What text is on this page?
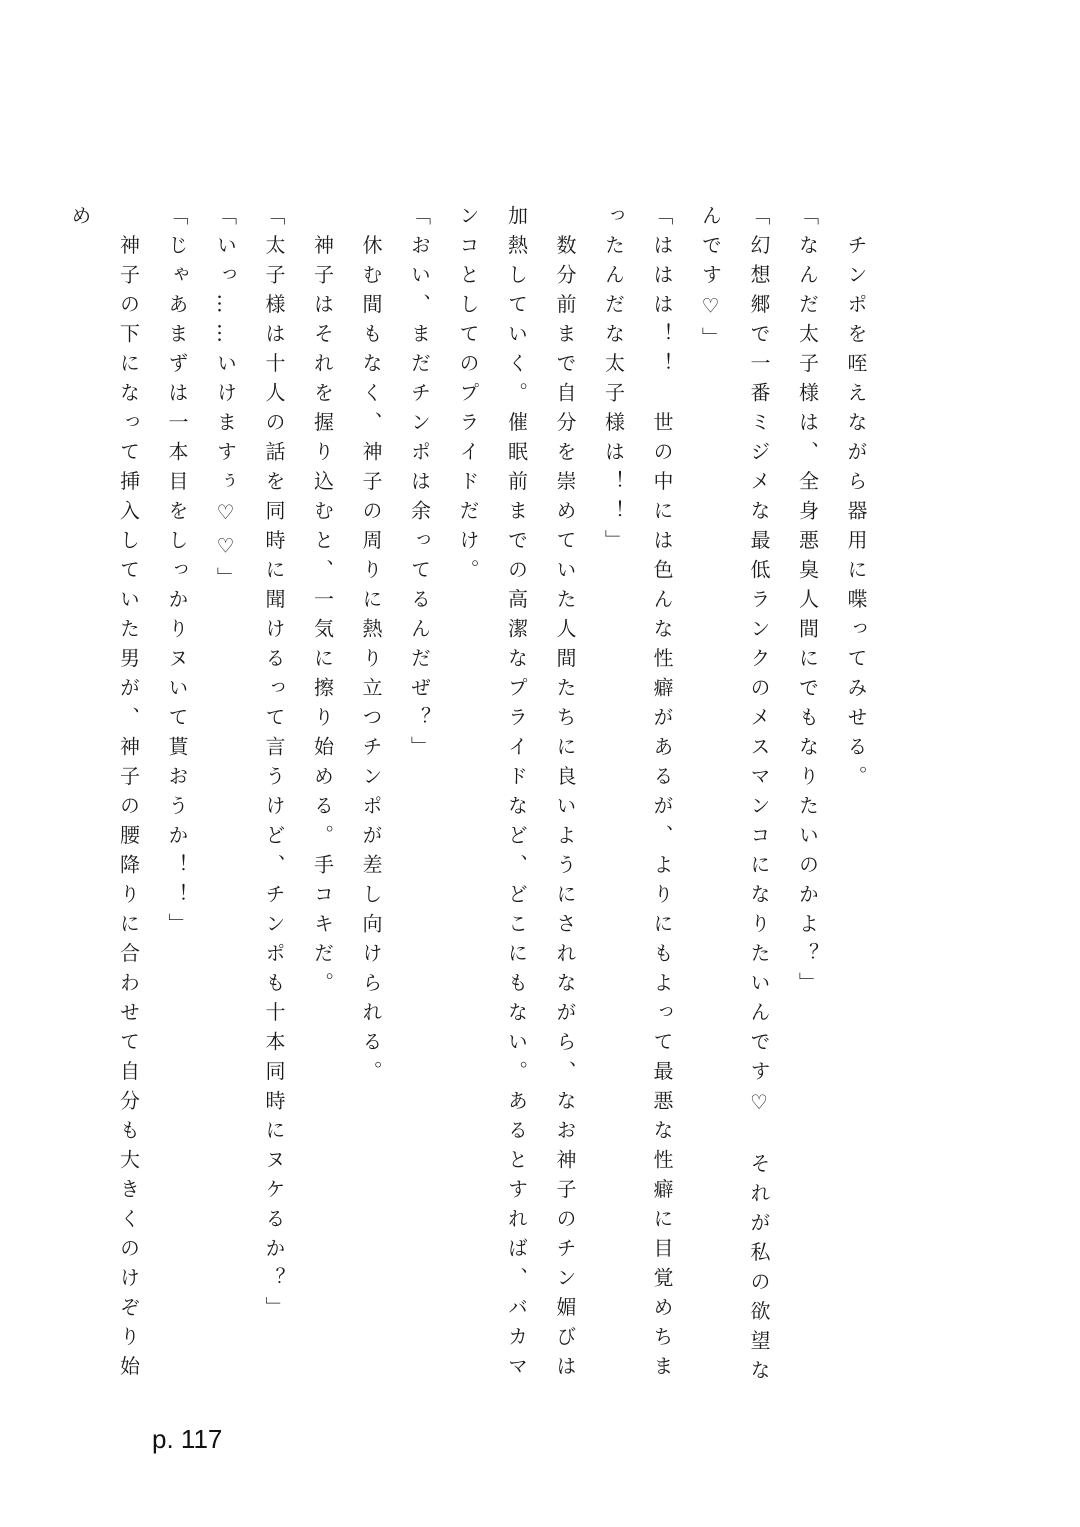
　チンポを咥えながら器用に喋ってみせる。

「なんだ太子様は、全身悪臭人間にでもなりたいのかよ？」

「幻想郷で一番ミジメな最低ランクのメスマンコになりたいんです♡　それが私の欲望なんです♡」

「ははは！！　世の中には色んな性癖があるが、よりにもよって最悪な性癖に目覚めちまったんだな太子様は！！」

　数分前まで自分を崇めていた人間たちに良いようにされながら、なお神子のチン媚びは加熱していく。催眠前までの高潔なプライドなど、どこにもない。あるとすれば、バカマンコとしてのプライドだけ。

「おい、まだチンポは余ってるんだぜ？」

　休む間もなく、神子の周りに熱り立つチンポが差し向けられる。

　神子はそれを握り込むと、一気に擦り始める。手コキだ。

「太子様は十人の話を同時に聞けるって言うけど、チンポも十本同時にヌケるか？」

「いっ……いけますぅ♡♡」

「じゃあまずは一本目をしっかりヌいて貰おうか！！」

　神子の下になって挿入していた男が、神子の腰降りに合わせて自分も大きくのけぞり始め

p. 117
